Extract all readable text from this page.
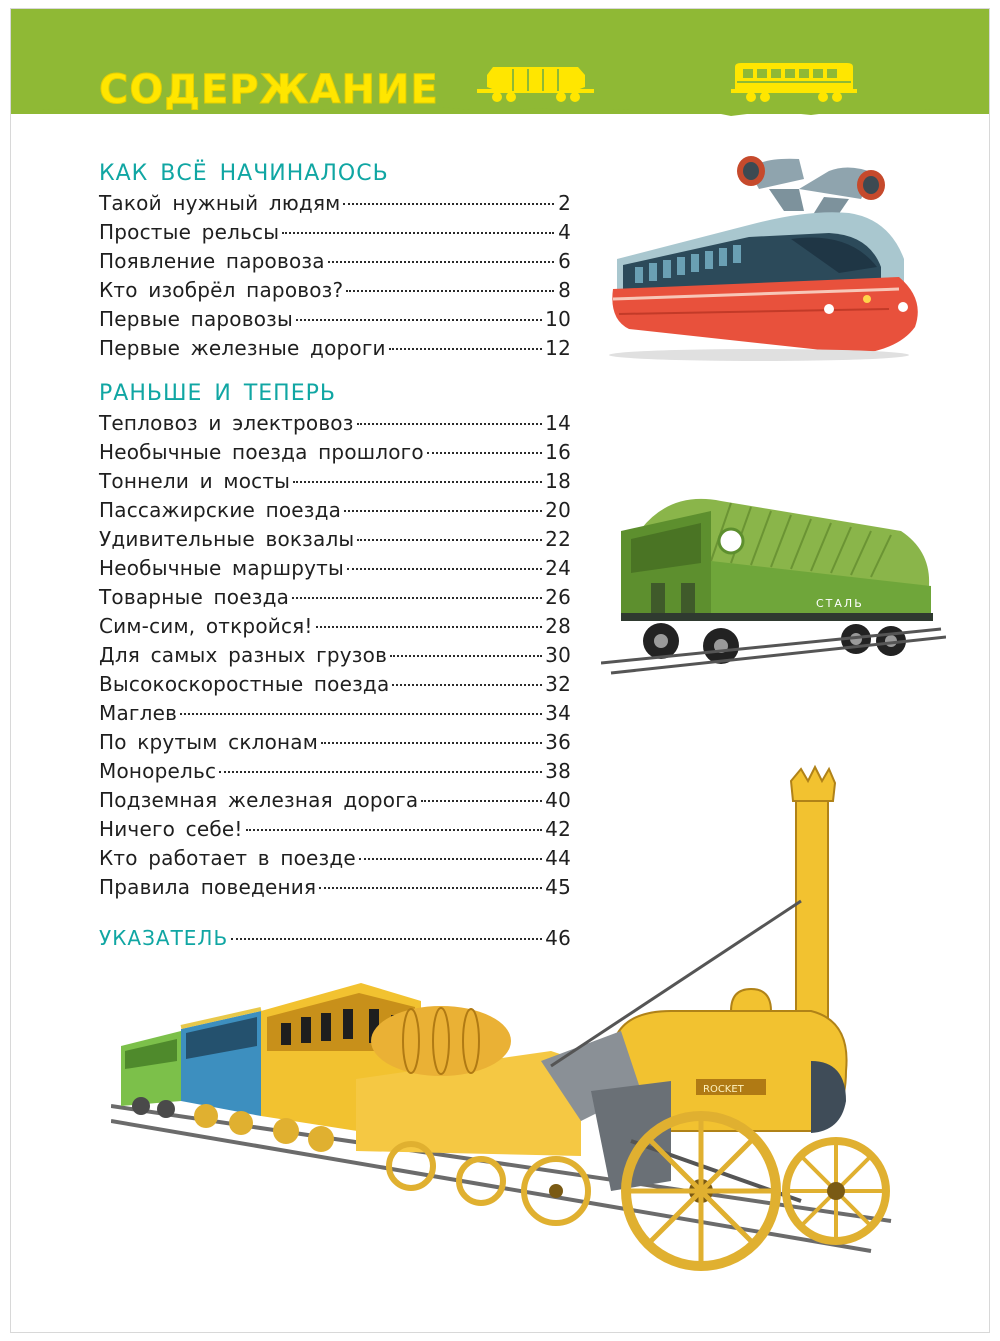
СОДЕРЖАНИЕ
КАК ВСЁ НАЧИНАЛОСЬ
Такой нужный людям	2
Простые рельсы	4
Появление паровоза	6
Кто изобрёл паровоз?	8
Первые паровозы	10
Первые железные дороги	12
РАНЬШЕ И ТЕПЕРЬ
Тепловоз и электровоз	14
Необычные поезда прошлого	16
Тоннели и мосты	18
Пассажирские поезда	20
Удивительные вокзалы	22
Необычные маршруты	24
Товарные поезда	26
Сим-сим, откройся!	28
Для самых разных грузов	30
Высокоскоростные поезда	32
Маглев	34
По крутым склонам	36
Монорельс	38
Подземная железная дорога	40
Ничего себе!	42
Кто работает в поезде	44
Правила поведения	45
УКАЗАТЕЛЬ	46
СТАЛЬ
ROCKET
